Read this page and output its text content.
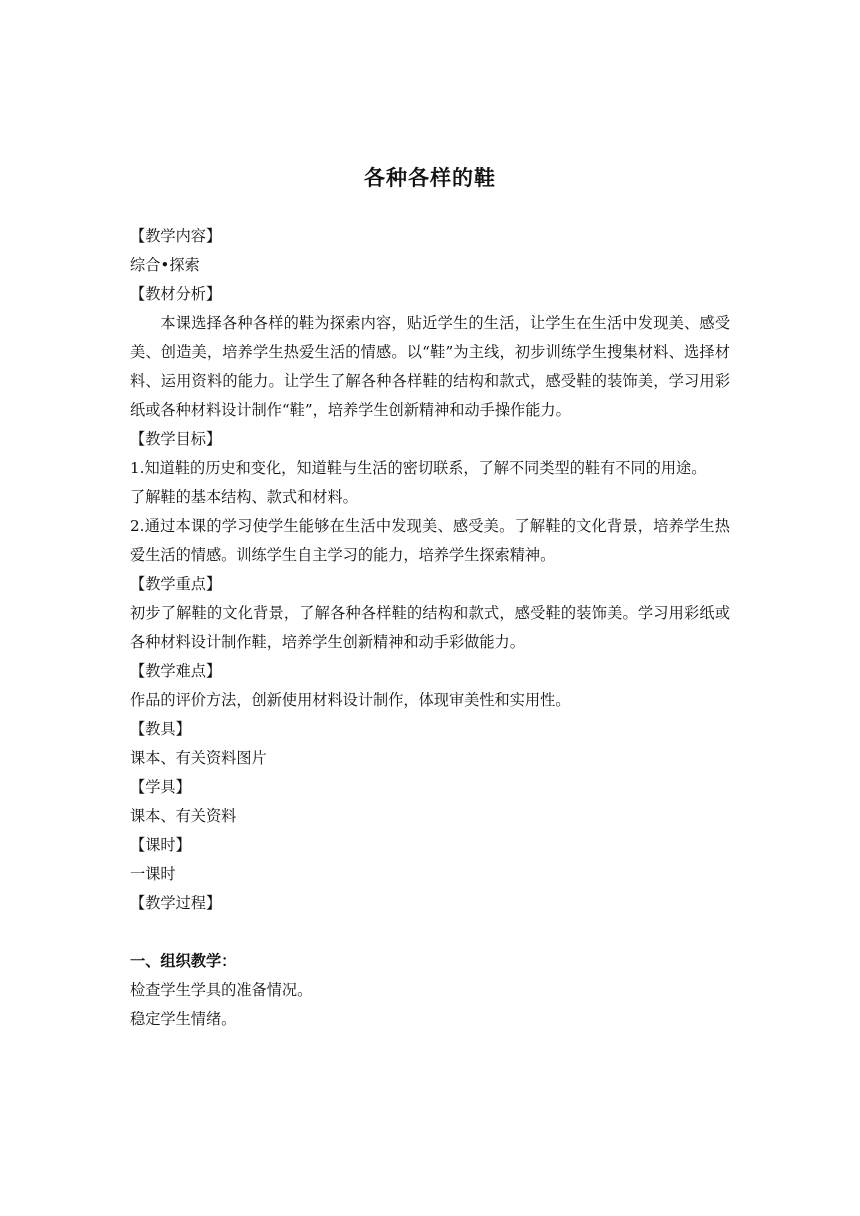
各种各样的鞋
【教学内容】
综合•探索
【教材分析】
本课选择各种各样的鞋为探索内容，贴近学生的生活，让学生在生活中发现美、感受美、创造美，培养学生热爱生活的情感。以“鞋”为主线，初步训练学生搜集材料、选择材料、运用资料的能力。让学生了解各种各样鞋的结构和款式，感受鞋的装饰美，学习用彩纸或各种材料设计制作“鞋”，培养学生创新精神和动手操作能力。
【教学目标】
1.知道鞋的历史和变化，知道鞋与生活的密切联系，了解不同类型的鞋有不同的用途。
了解鞋的基本结构、款式和材料。
2.通过本课的学习使学生能够在生活中发现美、感受美。了解鞋的文化背景，培养学生热爱生活的情感。训练学生自主学习的能力，培养学生探索精神。
【教学重点】
初步了解鞋的文化背景，了解各种各样鞋的结构和款式，感受鞋的装饰美。学习用彩纸或各种材料设计制作鞋，培养学生创新精神和动手彩做能力。
【教学难点】
作品的评价方法，创新使用材料设计制作，体现审美性和实用性。
【教具】
课本、有关资料图片
【学具】
课本、有关资料
【课时】
一课时
【教学过程】
一、组织教学：
检查学生学具的准备情况。
稳定学生情绪。
